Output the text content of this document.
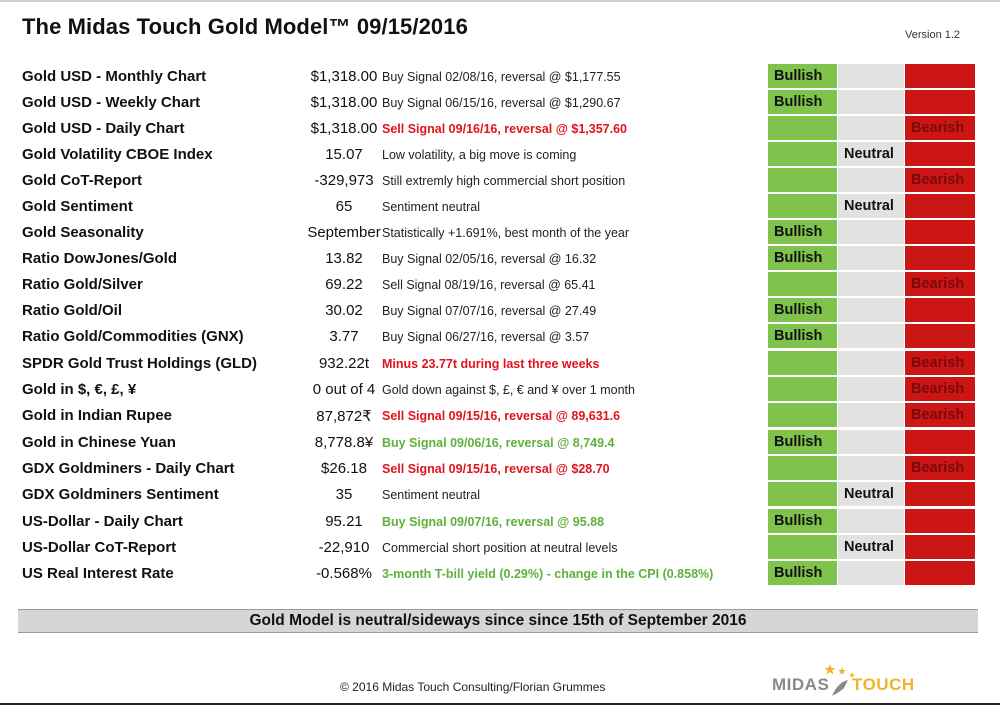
The Midas Touch Gold Model™ 09/15/2016	Version 1.2
Gold USD - Monthly Chart	$1,318.00 Buy Signal 02/08/16, reversal @ $1,177.55	Bullish
Gold USD - Weekly Chart	$1,318.00 Buy Signal 06/15/16, reversal @ $1,290.67	Bullish
Gold USD - Daily Chart	$1,318.00 Sell Signal 09/16/16, reversal @ $1,357.60	Bearish
Gold Volatility CBOE Index	15.07	Low volatility, a big move is coming	Neutral
Gold CoT-Report	-329,973 Still extremly high commercial short position	Bearish
Gold Sentiment	65	Sentiment neutral	Neutral
Gold Seasonality	September Statistically +1.691%, best month of the year	Bullish
Ratio DowJones/Gold	13.82	Buy Signal 02/05/16, reversal @ 16.32	Bullish
Ratio Gold/Silver	69.22	Sell Signal 08/19/16, reversal @ 65.41	Bearish
Ratio Gold/Oil	30.02	Buy Signal 07/07/16, reversal @ 27.49	Bullish
Ratio Gold/Commodities (GNX)	3.77	Buy Signal 06/27/16, reversal @ 3.57	Bullish
SPDR Gold Trust Holdings (GLD)	932.22t	Minus 23.77t during last three weeks	Bearish
Gold in $, €, £, ¥	0 out of 4 Gold down against $, £, € and ¥ over 1 month	Bearish
Gold in Indian Rupee	87,872₹ Sell Signal 09/15/16, reversal @ 89,631.6	Bearish
Gold in Chinese Yuan	8,778.8¥ Buy Signal 09/06/16, reversal @ 8,749.4	Bullish
GDX Goldminers - Daily Chart	$26.18	Sell Signal 09/15/16, reversal @ $28.70	Bearish
GDX Goldminers Sentiment	35	Sentiment neutral	Neutral
US-Dollar - Daily Chart	95.21	Buy Signal 09/07/16, reversal @ 95.88	Bullish
US-Dollar CoT-Report	-22,910	Commercial short position at neutral levels	Neutral
US Real Interest Rate	-0.568% 3-month T-bill yield (0.29%) - change in the CPI (0.858%)	Bullish
Gold Model is neutral/sideways since since 15th of September 2016
© 2016 Midas Touch Consulting/Florian Grummes	MIDAS TOUCH
